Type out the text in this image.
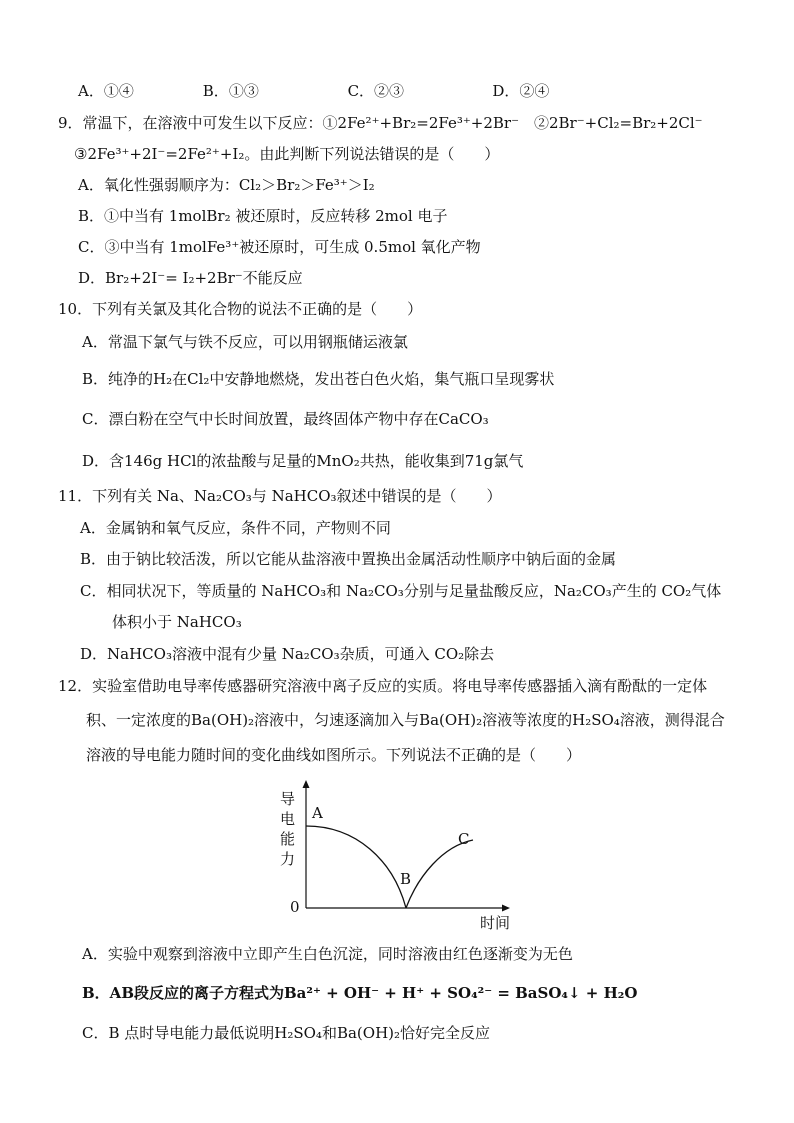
A．①④	B．①③	C．②③	D．②④
9．常温下，在溶液中可发生以下反应：①2Fe²⁺+Br₂=2Fe³⁺+2Br⁻　②2Br⁻+Cl₂=Br₂+2Cl⁻
③2Fe³⁺+2I⁻=2Fe²⁺+I₂。由此判断下列说法错误的是（　　）
A．氧化性强弱顺序为：Cl₂＞Br₂＞Fe³⁺＞I₂
B．①中当有 1molBr₂ 被还原时，反应转移 2mol 电子
C．③中当有 1molFe³⁺被还原时，可生成 0.5mol 氧化产物
D．Br₂+2I⁻= I₂+2Br⁻不能反应
10．下列有关氯及其化合物的说法不正确的是（　　）
A．常温下氯气与铁不反应，可以用钢瓶储运液氯
B．纯净的H₂在Cl₂中安静地燃烧，发出苍白色火焰，集气瓶口呈现雾状
C．漂白粉在空气中长时间放置，最终固体产物中存在CaCO₃
D．含146g HCl的浓盐酸与足量的MnO₂共热，能收集到71g氯气
11．下列有关 Na、Na₂CO₃与 NaHCO₃叙述中错误的是（　　）
A．金属钠和氧气反应，条件不同，产物则不同
B．由于钠比较活泼，所以它能从盐溶液中置换出金属活动性顺序中钠后面的金属
C．相同状况下，等质量的 NaHCO₃和 Na₂CO₃分别与足量盐酸反应，Na₂CO₃产生的 CO₂气体
体积小于 NaHCO₃
D．NaHCO₃溶液中混有少量 Na₂CO₃杂质，可通入 CO₂除去
12．实验室借助电导率传感器研究溶液中离子反应的实质。将电导率传感器插入滴有酚酞的一定体
积、一定浓度的Ba(OH)₂溶液中，匀速逐滴加入与Ba(OH)₂溶液等浓度的H₂SO₄溶液，测得混合
溶液的导电能力随时间的变化曲线如图所示。下列说法不正确的是（　　）
导
电
能
力
0
A
B
C
时间
A．实验中观察到溶液中立即产生白色沉淀，同时溶液由红色逐渐变为无色
B．AB段反应的离子方程式为Ba²⁺ + OH⁻ + H⁺ + SO₄²⁻ = BaSO₄↓ + H₂O
C．B 点时导电能力最低说明H₂SO₄和Ba(OH)₂恰好完全反应
